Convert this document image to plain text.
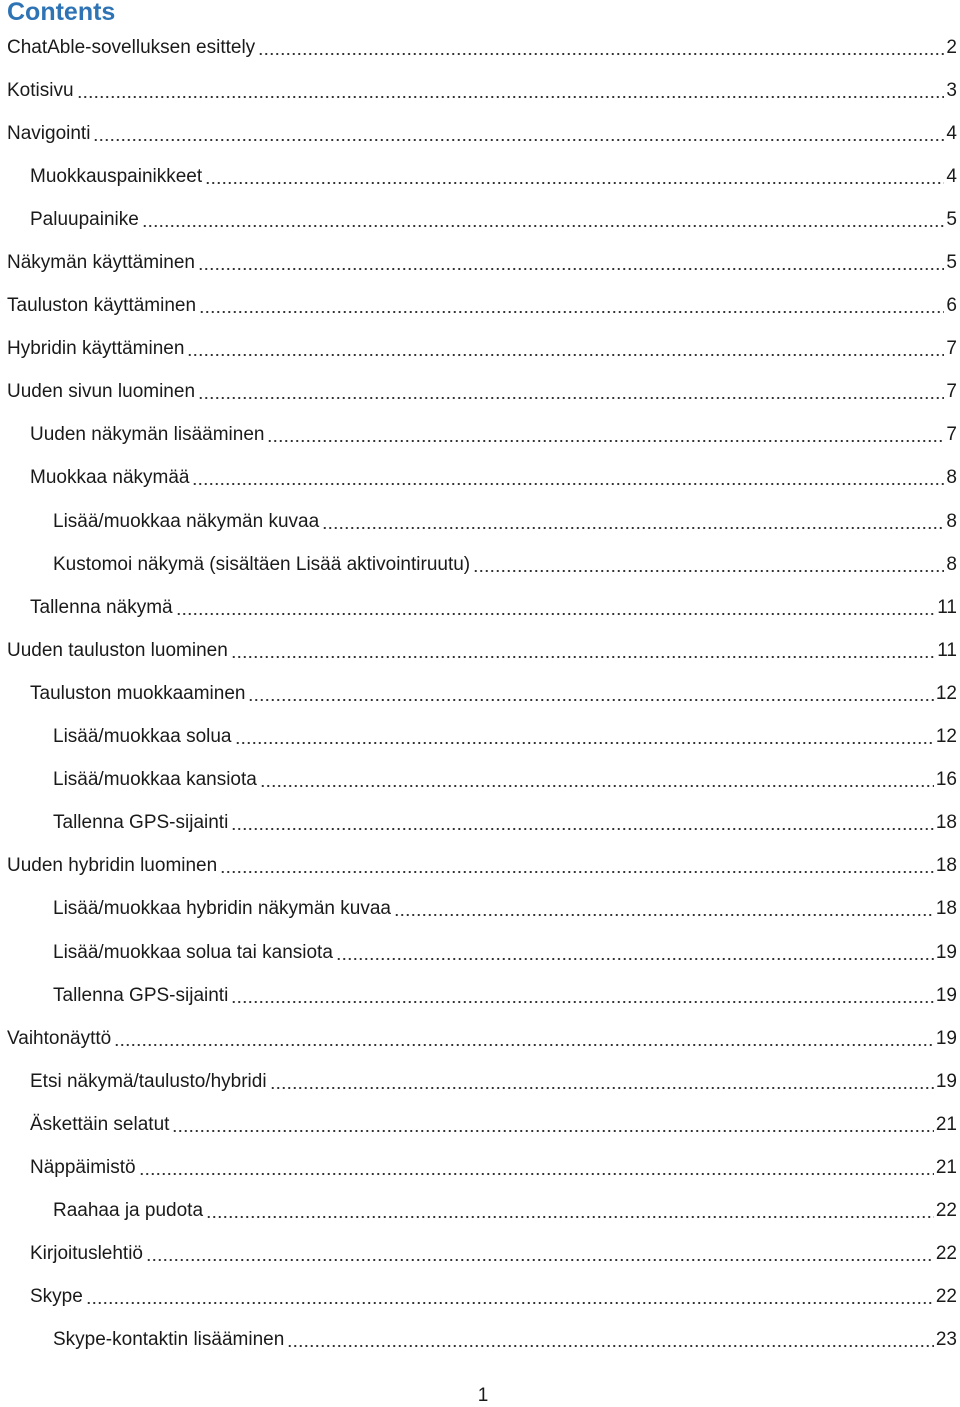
Contents
ChatAble-sovelluksen esittely	2
Kotisivu	3
Navigointi	4
Muokkauspainikkeet	4
Paluupainike	5
Näkymän käyttäminen	5
Tauluston käyttäminen	6
Hybridin käyttäminen	7
Uuden sivun luominen	7
Uuden näkymän lisääminen	7
Muokkaa näkymää	8
Lisää/muokkaa näkymän kuvaa	8
Kustomoi näkymä (sisältäen Lisää aktivointiruutu)	8
Tallenna näkymä	11
Uuden tauluston luominen	11
Tauluston muokkaaminen	12
Lisää/muokkaa solua	12
Lisää/muokkaa kansiota	16
Tallenna GPS-sijainti	18
Uuden hybridin luominen	18
Lisää/muokkaa hybridin näkymän kuvaa	18
Lisää/muokkaa solua tai kansiota	19
Tallenna GPS-sijainti	19
Vaihtonäyttö	19
Etsi näkymä/taulusto/hybridi	19
Äskettäin selatut	21
Näppäimistö	21
Raahaa ja pudota	22
Kirjoituslehtiö	22
Skype	22
Skype-kontaktin lisääminen	23
1
